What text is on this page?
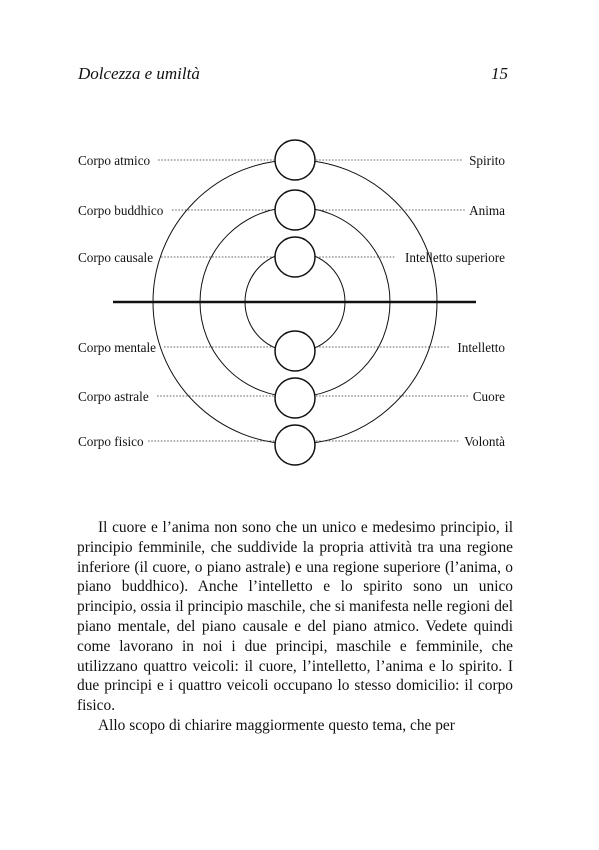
Dolcezza e umiltà	15
Corpo atmico
Corpo buddhico
Corpo causale
Corpo mentale
Corpo astrale
Corpo fisico
Spirito
Anima
Intelletto superiore
Intelletto
Cuore
Volontà

Il cuore e l’anima non sono che un unico e medesimo principio, il principio femminile, che suddivide la propria attività tra una regione inferiore (il cuore, o piano astrale) e una regione superiore (l’anima, o piano buddhico). Anche l’intelletto e lo spirito sono un unico principio, ossia il principio maschile, che si manifesta nelle regioni del piano mentale, del piano causale e del piano atmico. Vedete quindi come lavorano in noi i due principi, maschile e femminile, che utilizzano quattro veicoli: il cuore, l’intelletto, l’anima e lo spirito. I due principi e i quattro veicoli occupano lo stesso domicilio: il corpo fisico.

Allo scopo di chiarire maggiormente questo tema, che per
